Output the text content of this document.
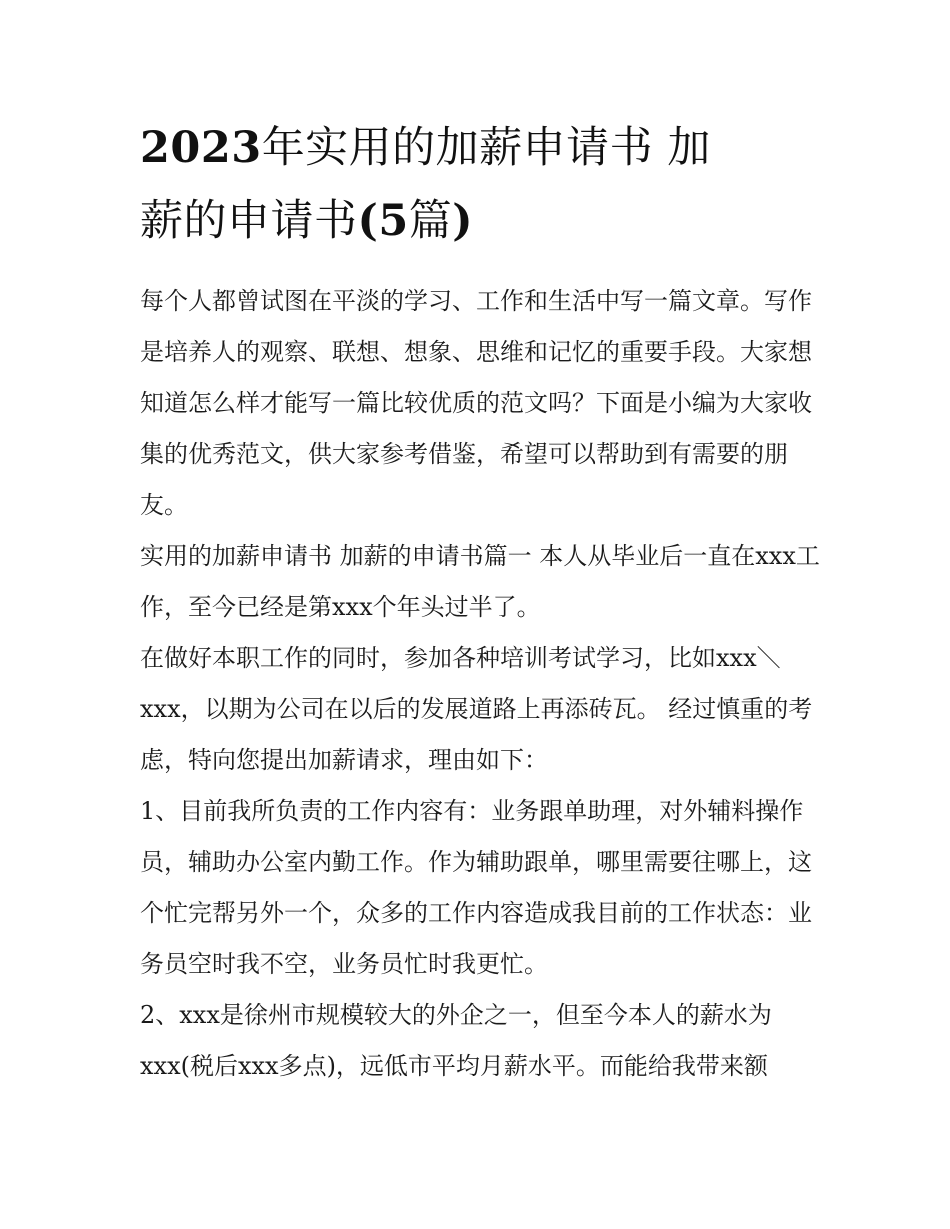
2023年实用的加薪申请书 加
薪的申请书(5篇)

每个人都曾试图在平淡的学习、工作和生活中写一篇文章。写作是培养人的观察、联想、想象、思维和记忆的重要手段。大家想知道怎么样才能写一篇比较优质的范文吗？下面是小编为大家收集的优秀范文，供大家参考借鉴，希望可以帮助到有需要的朋友。

实用的加薪申请书 加薪的申请书篇一 本人从毕业后一直在xxx工作，至今已经是第xxx个年头过半了。

在做好本职工作的同时，参加各种培训考试学习，比如xxx＼xxx，以期为公司在以后的发展道路上再添砖瓦。 经过慎重的考虑，特向您提出加薪请求，理由如下：

1、目前我所负责的工作内容有：业务跟单助理，对外辅料操作员，辅助办公室内勤工作。作为辅助跟单，哪里需要往哪上，这个忙完帮另外一个，众多的工作内容造成我目前的工作状态：业务员空时我不空，业务员忙时我更忙。

2、xxx是徐州市规模较大的外企之一，但至今本人的薪水为xxx(税后xxx多点)，远低市平均月薪水平。而能给我带来额
